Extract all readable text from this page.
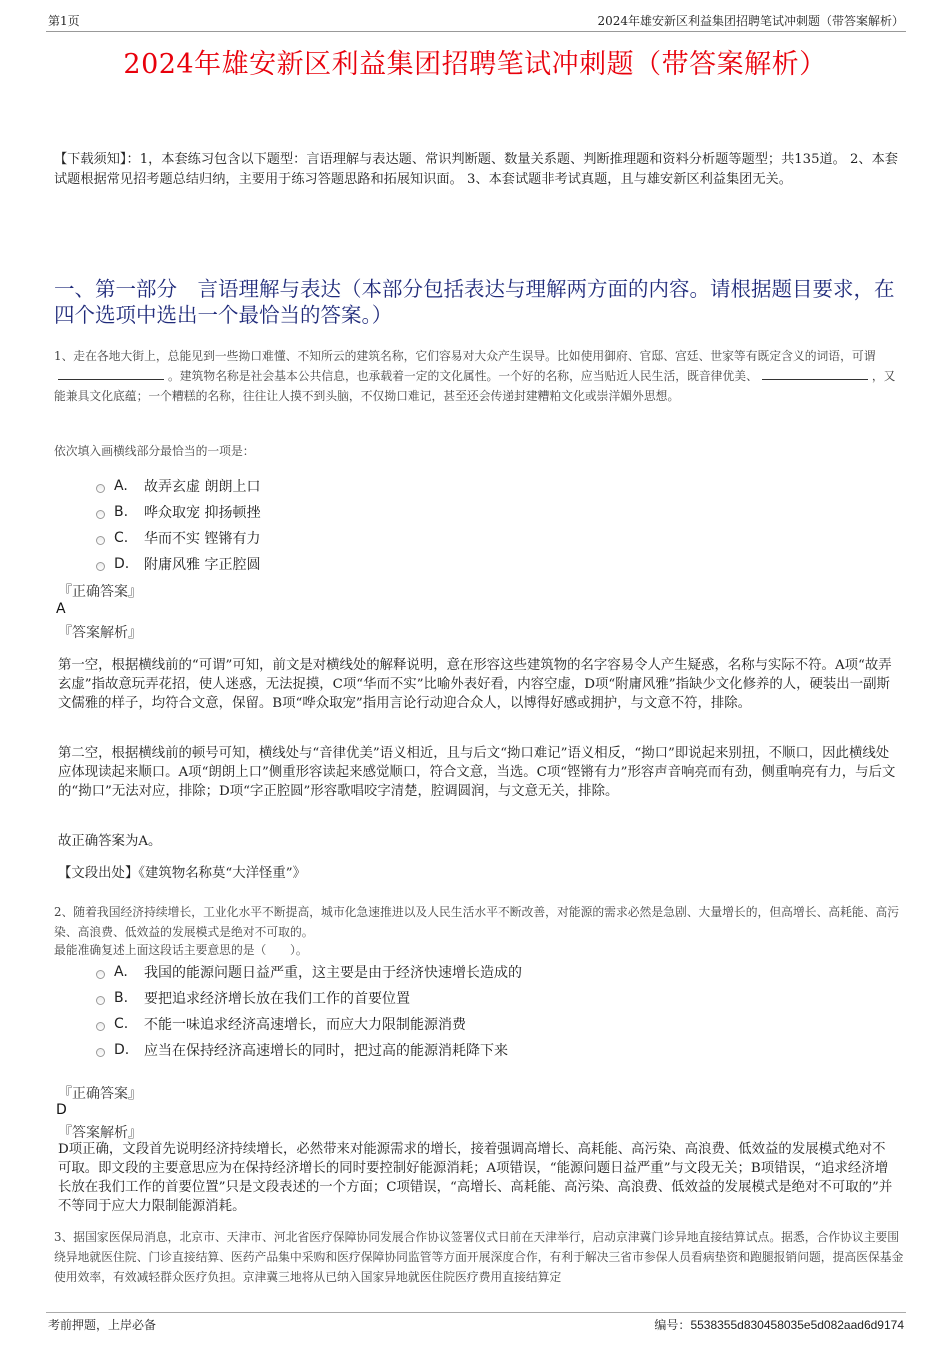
第1页	2024年雄安新区利益集团招聘笔试冲刺题（带答案解析）
2024年雄安新区利益集团招聘笔试冲刺题（带答案解析）
【下载须知】：1，本套练习包含以下题型：言语理解与表达题、常识判断题、数量关系题、判断推理题和资料分析题等题型；共135道。 2、本套试题根据常见招考题总结归纳，主要用于练习答题思路和拓展知识面。 3、本套试题非考试真题，且与雄安新区利益集团无关。
一、第一部分　言语理解与表达（本部分包括表达与理解两方面的内容。请根据题目要求，在四个选项中选出一个最恰当的答案。）
1、走在各地大街上，总能见到一些拗口难懂、不知所云的建筑名称，它们容易对大众产生误导。比如使用御府、官邸、宫廷、世家等有既定含义的词语，可谓。建筑物名称是社会基本公共信息，也承载着一定的文化属性。一个好的名称，应当贴近人民生活，既音律优美、	，又能兼具文化底蕴；一个糟糕的名称，往往让人摸不到头脑，不仅拗口难记，甚至还会传递封建糟粕文化或崇洋媚外思想。
依次填入画横线部分最恰当的一项是：
A.	故弄玄虚 朗朗上口
B.	哗众取宠 抑扬顿挫
C.	华而不实 铿锵有力
D.	附庸风雅 字正腔圆
『正确答案』
A
『答案解析』
第一空，根据横线前的“可谓”可知，前文是对横线处的解释说明，意在形容这些建筑物的名字容易令人产生疑惑，名称与实际不符。A项“故弄玄虚”指故意玩弄花招，使人迷惑，无法捉摸，C项“华而不实”比喻外表好看，内容空虚，D项“附庸风雅”指缺少文化修养的人，硬装出一副斯文儒雅的样子，均符合文意，保留。B项“哗众取宠”指用言论行动迎合众人，以博得好感或拥护，与文意不符，排除。
第二空，根据横线前的顿号可知，横线处与“音律优美”语义相近，且与后文“拗口难记”语义相反，“拗口”即说起来别扭，不顺口，因此横线处应体现读起来顺口。A项“朗朗上口”侧重形容读起来感觉顺口，符合文意，当选。C项“铿锵有力”形容声音响亮而有劲，侧重响亮有力，与后文的“拗口”无法对应，排除；D项“字正腔圆”形容歌唱咬字清楚，腔调圆润，与文意无关，排除。
故正确答案为A。
【文段出处】《建筑物名称莫“大洋怪重”》
2、随着我国经济持续增长，工业化水平不断提高，城市化急速推进以及人民生活水平不断改善，对能源的需求必然是急剧、大量增长的，但高增长、高耗能、高污染、高浪费、低效益的发展模式是绝对不可取的。
最能准确复述上面这段话主要意思的是（　　）。
A.	我国的能源问题日益严重，这主要是由于经济快速增长造成的
B.	要把追求经济增长放在我们工作的首要位置
C.	不能一味追求经济高速增长，而应大力限制能源消费
D.	应当在保持经济高速增长的同时，把过高的能源消耗降下来
『正确答案』
D
『答案解析』
D项正确，文段首先说明经济持续增长，必然带来对能源需求的增长，接着强调高增长、高耗能、高污染、高浪费、低效益的发展模式绝对不可取。即文段的主要意思应为在保持经济增长的同时要控制好能源消耗；A项错误，“能源问题日益严重”与文段无关；B项错误，“追求经济增长放在我们工作的首要位置”只是文段表述的一个方面；C项错误，“高增长、高耗能、高污染、高浪费、低效益的发展模式是绝对不可取的”并不等同于应大力限制能源消耗。
3、据国家医保局消息，北京市、天津市、河北省医疗保障协同发展合作协议签署仪式日前在天津举行，启动京津冀门诊异地直接结算试点。据悉，合作协议主要围绕异地就医住院、门诊直接结算、医药产品集中采购和医疗保障协同监管等方面开展深度合作，有利于解决三省市参保人员看病垫资和跑腿报销问题，提高医保基金使用效率，有效减轻群众医疗负担。京津冀三地将从已纳入国家异地就医住院医疗费用直接结算定
考前押题，上岸必备	编号：5538355d830458035e5d082aad6d9174
